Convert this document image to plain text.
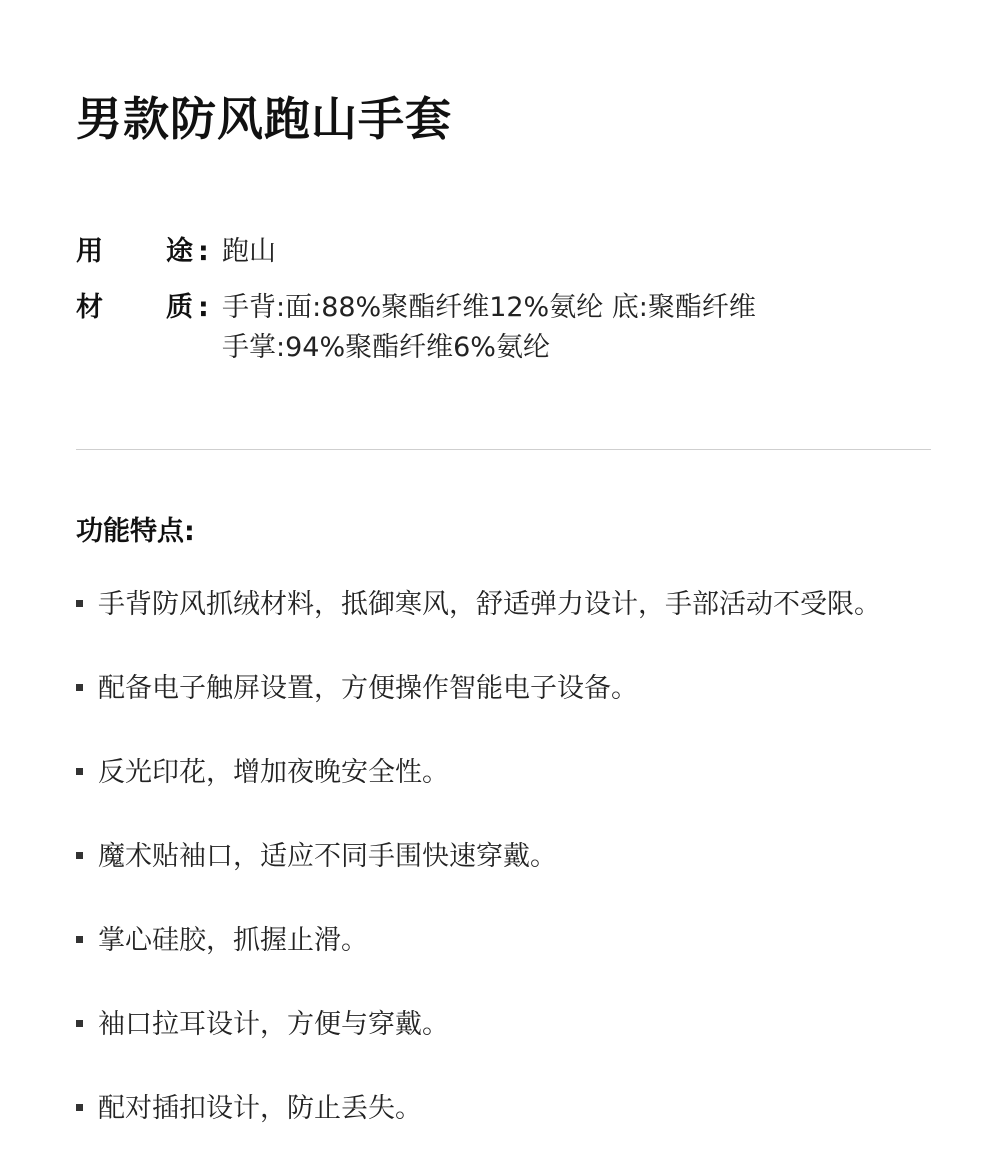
男款防风跑山手套
用 途 : 跑山
材 质 : 手背:面:88%聚酯纤维12%氨纶 底:聚酯纤维
手掌:94%聚酯纤维6%氨纶
功能特点:
手背防风抓绒材料，抵御寒风，舒适弹力设计，手部活动不受限。
配备电子触屏设置，方便操作智能电子设备。
反光印花，增加夜晚安全性。
魔术贴袖口，适应不同手围快速穿戴。
掌心硅胶，抓握止滑。
袖口拉耳设计，方便与穿戴。
配对插扣设计，防止丢失。
